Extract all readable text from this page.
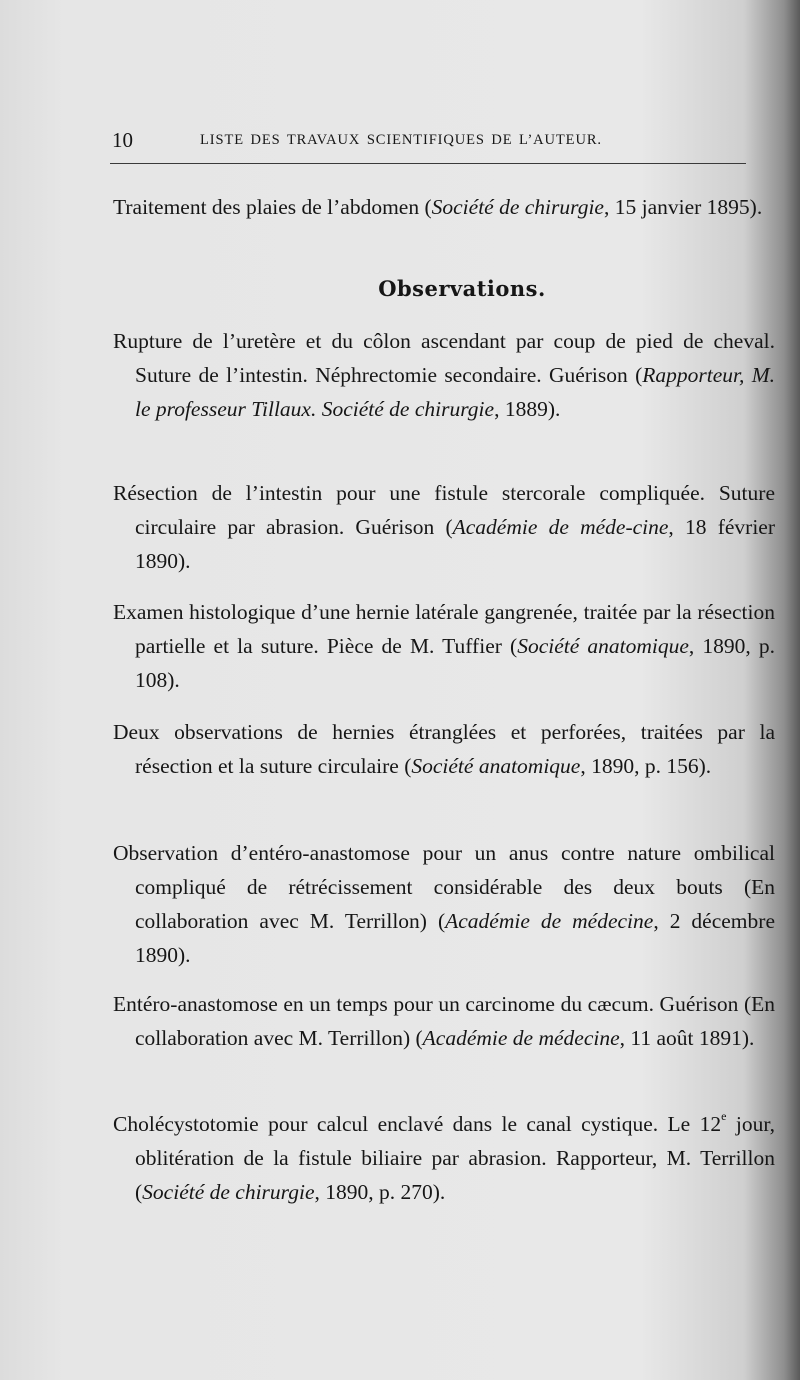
10	LISTE DES TRAVAUX SCIENTIFIQUES DE L’AUTEUR.
Traitement des plaies de l’abdomen (Société de chirurgie, 15 janvier 1895).
Observations.
Rupture de l’uretère et du côlon ascendant par coup de pied de cheval. Suture de l’intestin. Néphrectomie secondaire. Guérison (Rapporteur, M. le professeur Tillaux. Société de chirurgie, 1889).
Résection de l’intestin pour une fistule stercorale compliquée. Suture circulaire par abrasion. Guérison (Académie de méde-cine, 18 février 1890).
Examen histologique d’une hernie latérale gangrenée, traitée par la résection partielle et la suture. Pièce de M. Tuffier (Société anatomique, 1890, p. 108).
Deux observations de hernies étranglées et perforées, traitées par la résection et la suture circulaire (Société anatomique, 1890, p. 156).
Observation d’entéro-anastomose pour un anus contre nature ombilical compliqué de rétrécissement considérable des deux bouts (En collaboration avec M. Terrillon) (Académie de médecine, 2 décembre 1890).
Entéro-anastomose en un temps pour un carcinome du cæcum. Guérison (En collaboration avec M. Terrillon) (Académie de médecine, 11 août 1891).
Cholécystotomie pour calcul enclavé dans le canal cystique. Le 12e jour, oblitération de la fistule biliaire par abrasion. Rapporteur, M. Terrillon (Société de chirurgie, 1890, p. 270).
